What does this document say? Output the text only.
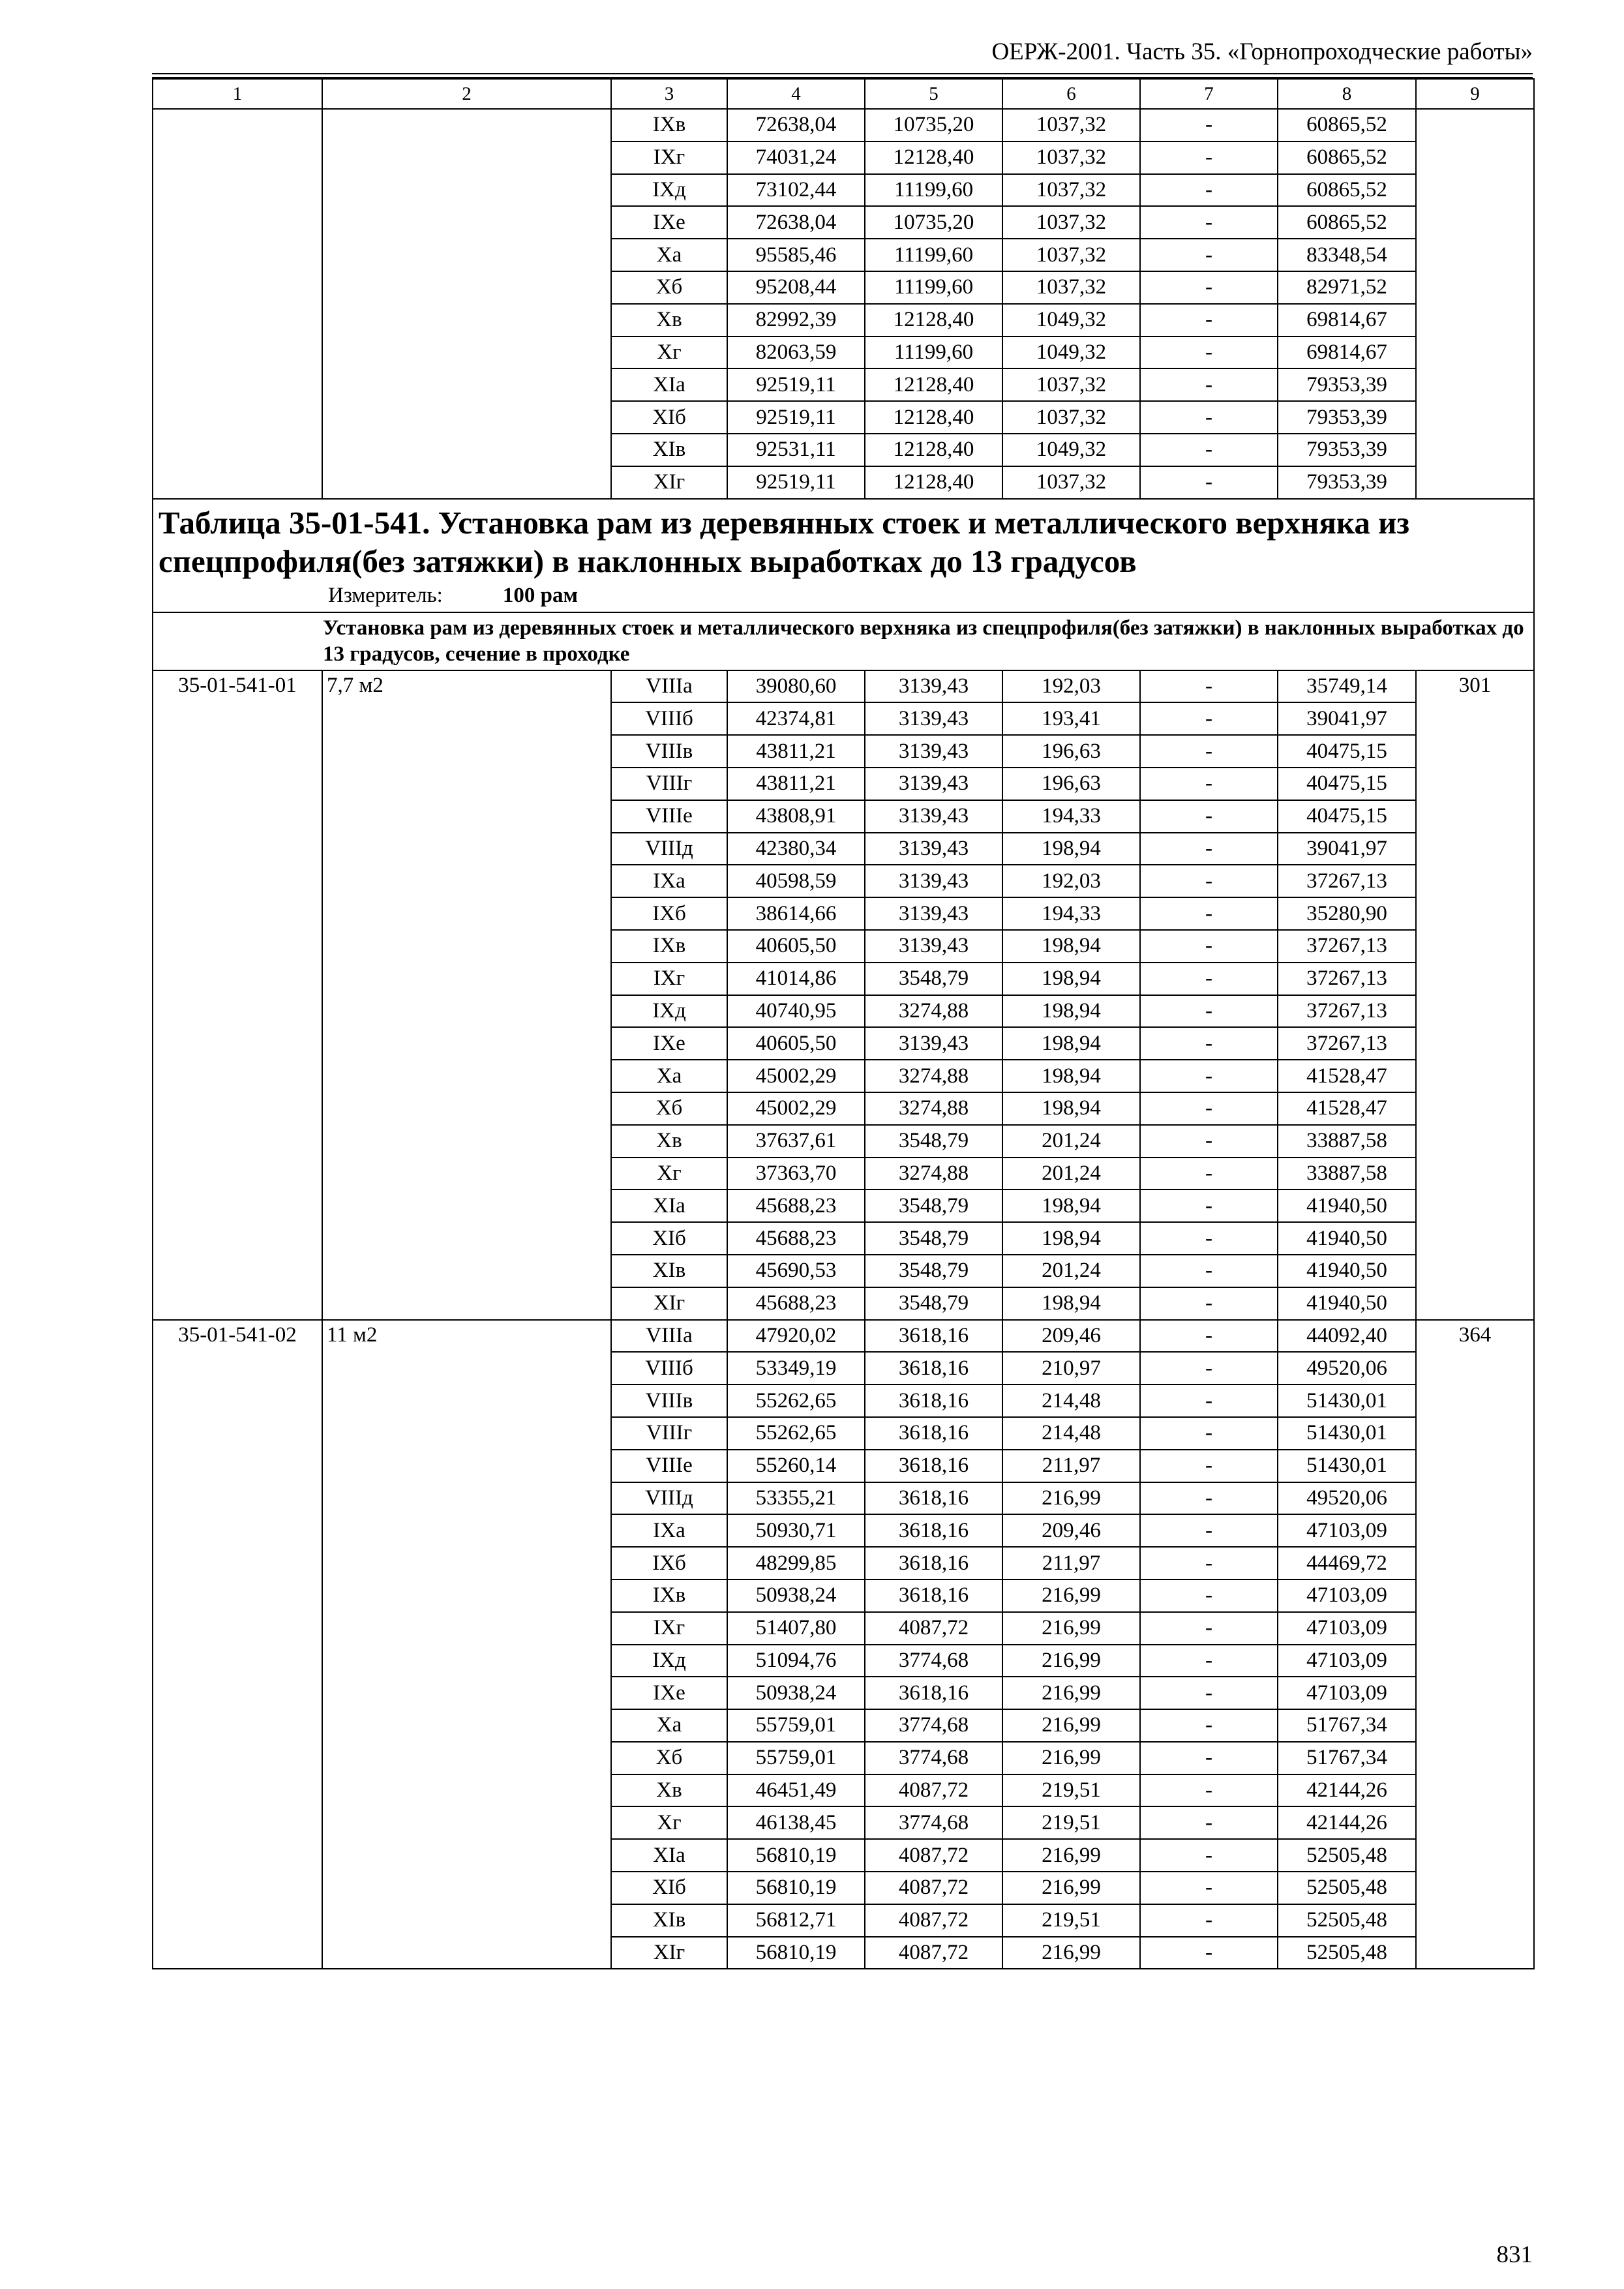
ОЕРЖ-2001. Часть 35. «Горнопроходческие работы»
1	2	3	4	5	6	7	8	9
		IXв	72638,04	10735,20	1037,32	-	60865,52	
		IXг	74031,24	12128,40	1037,32	-	60865,52	
		IXд	73102,44	11199,60	1037,32	-	60865,52	
		IXе	72638,04	10735,20	1037,32	-	60865,52	
		Xа	95585,46	11199,60	1037,32	-	83348,54	
		Xб	95208,44	11199,60	1037,32	-	82971,52	
		Xв	82992,39	12128,40	1049,32	-	69814,67	
		Xг	82063,59	11199,60	1049,32	-	69814,67	
		XIа	92519,11	12128,40	1037,32	-	79353,39	
		XIб	92519,11	12128,40	1037,32	-	79353,39	
		XIв	92531,11	12128,40	1049,32	-	79353,39	
		XIг	92519,11	12128,40	1037,32	-	79353,39	

Таблица 35-01-541. Установка рам из деревянных стоек и металлического верхняка из спецпрофиля(без затяжки) в наклонных выработках до 13 градусов
Измеритель: 100 рам								

Установка рам из деревянных стоек и металлического верхняка из спецпрофиля(без затяжки) в наклонных выработках до 13 градусов, сечение в проходке								

35-01-541-01	7,7 м2	VIIIа	39080,60	3139,43	192,03	-	35749,14	301
		VIIIб	42374,81	3139,43	193,41	-	39041,97	
		VIIIв	43811,21	3139,43	196,63	-	40475,15	
		VIIIг	43811,21	3139,43	196,63	-	40475,15	
		VIIIе	43808,91	3139,43	194,33	-	40475,15	
		VIIIд	42380,34	3139,43	198,94	-	39041,97	
		IXа	40598,59	3139,43	192,03	-	37267,13	
		IXб	38614,66	3139,43	194,33	-	35280,90	
		IXв	40605,50	3139,43	198,94	-	37267,13	
		IXг	41014,86	3548,79	198,94	-	37267,13	
		IXд	40740,95	3274,88	198,94	-	37267,13	
		IXе	40605,50	3139,43	198,94	-	37267,13	
		Xа	45002,29	3274,88	198,94	-	41528,47	
		Xб	45002,29	3274,88	198,94	-	41528,47	
		Xв	37637,61	3548,79	201,24	-	33887,58	
		Xг	37363,70	3274,88	201,24	-	33887,58	
		XIа	45688,23	3548,79	198,94	-	41940,50	
		XIб	45688,23	3548,79	198,94	-	41940,50	
		XIв	45690,53	3548,79	201,24	-	41940,50	
		XIг	45688,23	3548,79	198,94	-	41940,50	
35-01-541-02	11 м2	VIIIа	47920,02	3618,16	209,46	-	44092,40	364
		VIIIб	53349,19	3618,16	210,97	-	49520,06	
		VIIIв	55262,65	3618,16	214,48	-	51430,01	
		VIIIг	55262,65	3618,16	214,48	-	51430,01	
		VIIIе	55260,14	3618,16	211,97	-	51430,01	
		VIIIд	53355,21	3618,16	216,99	-	49520,06	
		IXа	50930,71	3618,16	209,46	-	47103,09	
		IXб	48299,85	3618,16	211,97	-	44469,72	
		IXв	50938,24	3618,16	216,99	-	47103,09	
		IXг	51407,80	4087,72	216,99	-	47103,09	
		IXд	51094,76	3774,68	216,99	-	47103,09	
		IXе	50938,24	3618,16	216,99	-	47103,09	
		Xа	55759,01	3774,68	216,99	-	51767,34	
		Xб	55759,01	3774,68	216,99	-	51767,34	
		Xв	46451,49	4087,72	219,51	-	42144,26	
		Xг	46138,45	3774,68	219,51	-	42144,26	
		XIа	56810,19	4087,72	216,99	-	52505,48	
		XIб	56810,19	4087,72	216,99	-	52505,48	
		XIв	56812,71	4087,72	219,51	-	52505,48	
		XIг	56810,19	4087,72	216,99	-	52505,48	
831
